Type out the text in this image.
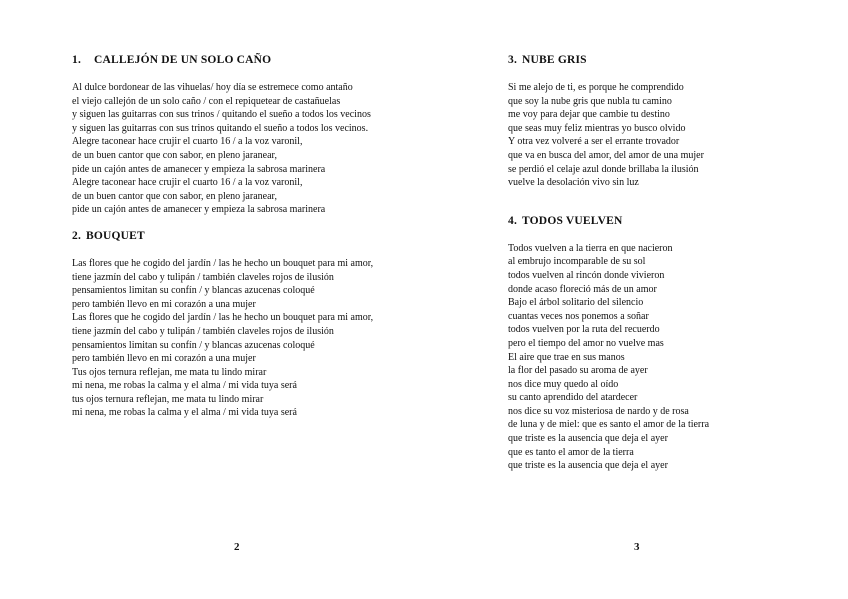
1. CALLEJÓN DE UN SOLO CAÑO
Al dulce bordonear de las vihuelas/ hoy día se estremece como antaño
el viejo callejón de un solo caño / con el repiquetear de castañuelas
y siguen las guitarras con sus trinos / quitando el sueño a todos los vecinos
y siguen las guitarras con sus trinos quitando el sueño a todos los vecinos.
Alegre taconear hace crujir el cuarto 16 / a la voz varonil,
de un buen cantor que con sabor, en pleno jaranear,
pide un cajón antes de amanecer y empieza la sabrosa marinera
Alegre taconear hace crujir el cuarto 16 / a la voz varonil,
de un buen cantor que con sabor, en pleno jaranear,
pide un cajón antes de amanecer y empieza la sabrosa marinera
2. BOUQUET
Las flores que he cogido del jardín / las he hecho un bouquet para mi amor,
tiene jazmín del cabo y tulipán / también claveles rojos de ilusión
pensamientos limitan su confín / y blancas azucenas coloqué
pero también llevo en mi corazón a una mujer
Las flores que he cogido del jardín / las he hecho un bouquet para mi amor,
tiene jazmín del cabo y tulipán / también claveles rojos de ilusión
pensamientos limitan su confín / y blancas azucenas coloqué
pero también llevo en mi corazón a una mujer
Tus ojos ternura reflejan, me mata tu lindo mirar
mi nena, me robas la calma y el alma / mi vida tuya será
tus ojos ternura reflejan, me mata tu lindo mirar
mi nena, me robas la calma y el alma / mi vida tuya será
2
3. NUBE GRIS
Si me alejo de ti, es porque he comprendido
que soy la nube gris que nubla tu camino
me voy para dejar que cambie tu destino
que seas muy feliz mientras yo busco olvido
Y otra vez volveré a ser el errante trovador
que va en busca del amor, del amor de una mujer
se perdió el celaje azul donde brillaba la ilusión
vuelve la desolación vivo sin luz
4. TODOS VUELVEN
Todos vuelven a la tierra en que nacieron
al embrujo incomparable de su sol
todos vuelven al rincón donde vivieron
donde acaso floreció más de un amor
Bajo el árbol solitario del silencio
cuantas veces nos ponemos a soñar
todos vuelven por la ruta del recuerdo
pero el tiempo del amor no vuelve mas
El aire que trae en sus manos
la flor del pasado su aroma de ayer
nos dice muy quedo al oído
su canto aprendido del atardecer
nos dice su voz misteriosa de nardo y de rosa
de luna y de miel: que es santo el amor de la tierra
que triste es la ausencia que deja el ayer
que es tanto el amor de la tierra
que triste es la ausencia que deja el ayer
3
